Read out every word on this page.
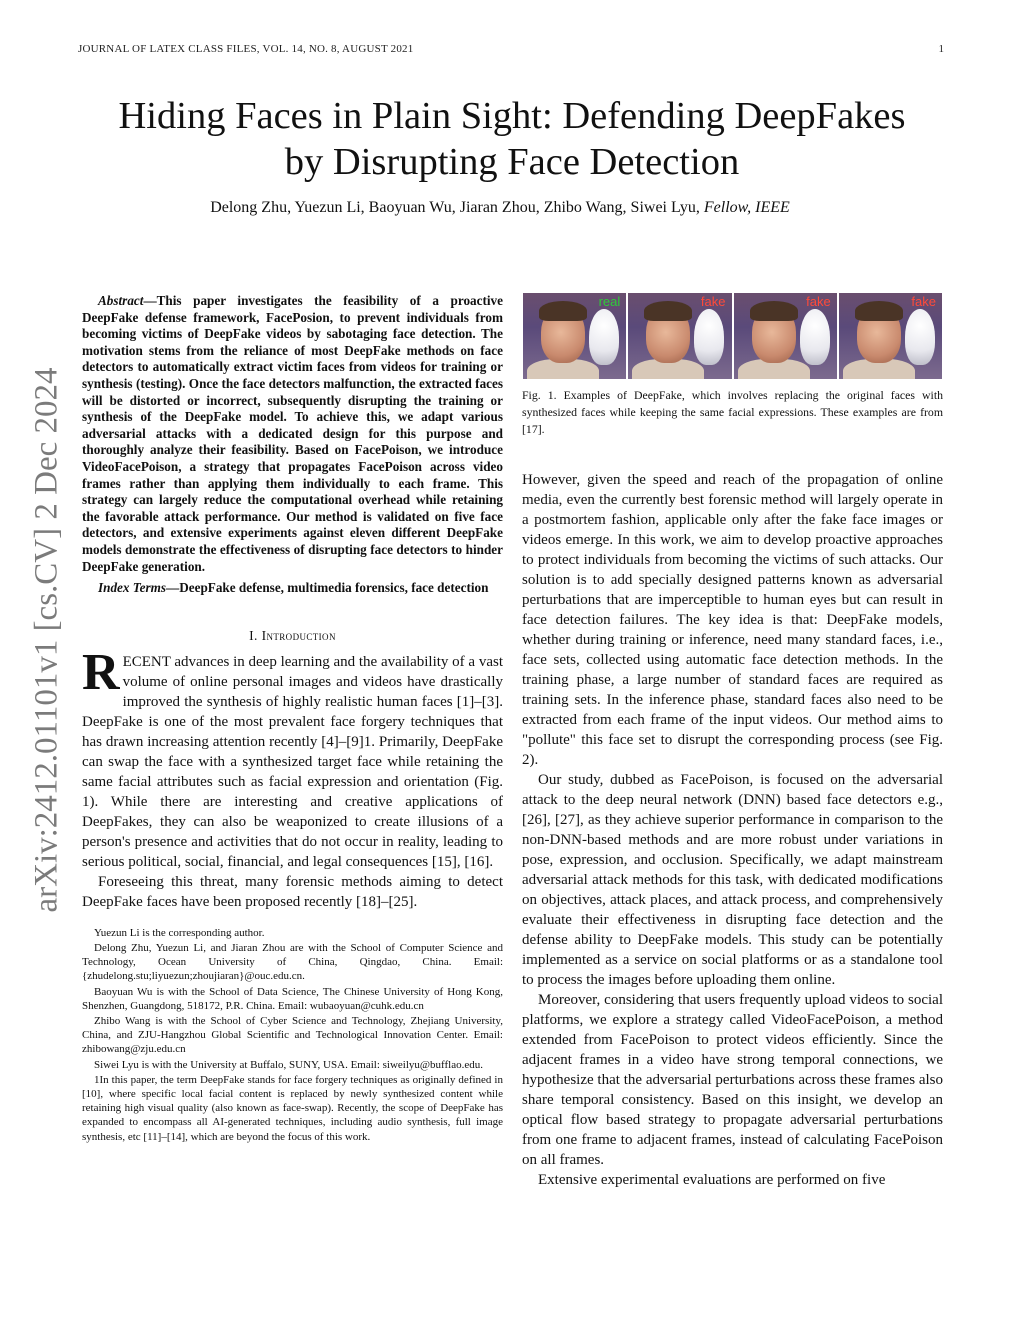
JOURNAL OF LATEX CLASS FILES, VOL. 14, NO. 8, AUGUST 2021	1
arXiv:2412.01101v1 [cs.CV] 2 Dec 2024
Hiding Faces in Plain Sight: Defending DeepFakes
by Disrupting Face Detection
Delong Zhu, Yuezun Li, Baoyuan Wu, Jiaran Zhou, Zhibo Wang, Siwei Lyu, Fellow, IEEE

Abstract—This paper investigates the feasibility of a proactive DeepFake defense framework, FacePosion, to prevent individuals from becoming victims of DeepFake videos by sabotaging face detection. The motivation stems from the reliance of most DeepFake methods on face detectors to automatically extract victim faces from videos for training or synthesis (testing). Once the face detectors malfunction, the extracted faces will be distorted or incorrect, subsequently disrupting the training or synthesis of the DeepFake model. To achieve this, we adapt various adversarial attacks with a dedicated design for this purpose and thoroughly analyze their feasibility. Based on FacePoison, we introduce VideoFacePoison, a strategy that propagates FacePoison across video frames rather than applying them individually to each frame. This strategy can largely reduce the computational overhead while retaining the favorable attack performance. Our method is validated on five face detectors, and extensive experiments against eleven different DeepFake models demonstrate the effectiveness of disrupting face detectors to hinder DeepFake generation.

Index Terms—DeepFake defense, multimedia forensics, face detection

I. Introduction

RECENT advances in deep learning and the availability of a vast volume of online personal images and videos have drastically improved the synthesis of highly realistic human faces [1]–[3]. DeepFake is one of the most prevalent face forgery techniques that has drawn increasing attention recently [4]–[9]1. Primarily, DeepFake can swap the face with a synthesized target face while retaining the same facial attributes such as facial expression and orientation (Fig. 1). While there are interesting and creative applications of DeepFakes, they can also be weaponized to create illusions of a person's presence and activities that do not occur in reality, leading to serious political, social, financial, and legal consequences [15], [16].

Foreseeing this threat, many forensic methods aiming to detect DeepFake faces have been proposed recently [18]–[25].

Yuezun Li is the corresponding author.

Delong Zhu, Yuezun Li, and Jiaran Zhou are with the School of Computer Science and Technology, Ocean University of China, Qingdao, China. Email: {zhudelong.stu;liyuezun;zhoujiaran}@ouc.edu.cn.

Baoyuan Wu is with the School of Data Science, The Chinese University of Hong Kong, Shenzhen, Guangdong, 518172, P.R. China. Email: wubaoyuan@cuhk.edu.cn

Zhibo Wang is with the School of Cyber Science and Technology, Zhejiang University, China, and ZJU-Hangzhou Global Scientific and Technological Innovation Center. Email: zhibowang@zju.edu.cn

Siwei Lyu is with the University at Buffalo, SUNY, USA. Email: siweilyu@bufflao.edu.

1In this paper, the term DeepFake stands for face forgery techniques as originally defined in [10], where specific local facial content is replaced by newly synthesized content while retaining high visual quality (also known as face-swap). Recently, the scope of DeepFake has expanded to encompass all AI-generated techniques, including audio synthesis, full image synthesis, etc [11]–[14], which are beyond the focus of this work.

real	fake	fake	fake

Fig. 1. Examples of DeepFake, which involves replacing the original faces with synthesized faces while keeping the same facial expressions. These examples are from [17].

However, given the speed and reach of the propagation of online media, even the currently best forensic method will largely operate in a postmortem fashion, applicable only after the fake face images or videos emerge. In this work, we aim to develop proactive approaches to protect individuals from becoming the victims of such attacks. Our solution is to add specially designed patterns known as adversarial perturbations that are imperceptible to human eyes but can result in face detection failures. The key idea is that: DeepFake models, whether during training or inference, need many standard faces, i.e., face sets, collected using automatic face detection methods. In the training phase, a large number of standard faces are required as training sets. In the inference phase, standard faces also need to be extracted from each frame of the input videos. Our method aims to "pollute" this face set to disrupt the corresponding process (see Fig. 2).

Our study, dubbed as FacePoison, is focused on the adversarial attack to the deep neural network (DNN) based face detectors e.g., [26], [27], as they achieve superior performance in comparison to the non-DNN-based methods and are more robust under variations in pose, expression, and occlusion. Specifically, we adapt mainstream adversarial attack methods for this task, with dedicated modifications on objectives, attack places, and attack process, and comprehensively evaluate their effectiveness in disrupting face detection and the defense ability to DeepFake models. This study can be potentially implemented as a service on social platforms or as a standalone tool to process the images before uploading them online.

Moreover, considering that users frequently upload videos to social platforms, we explore a strategy called VideoFacePoison, a method extended from FacePoison to protect videos efficiently. Since the adjacent frames in a video have strong temporal connections, we hypothesize that the adversarial perturbations across these frames also share temporal consistency. Based on this insight, we develop an optical flow based strategy to propagate adversarial perturbations from one frame to adjacent frames, instead of calculating FacePoison on all frames.

Extensive experimental evaluations are performed on five
